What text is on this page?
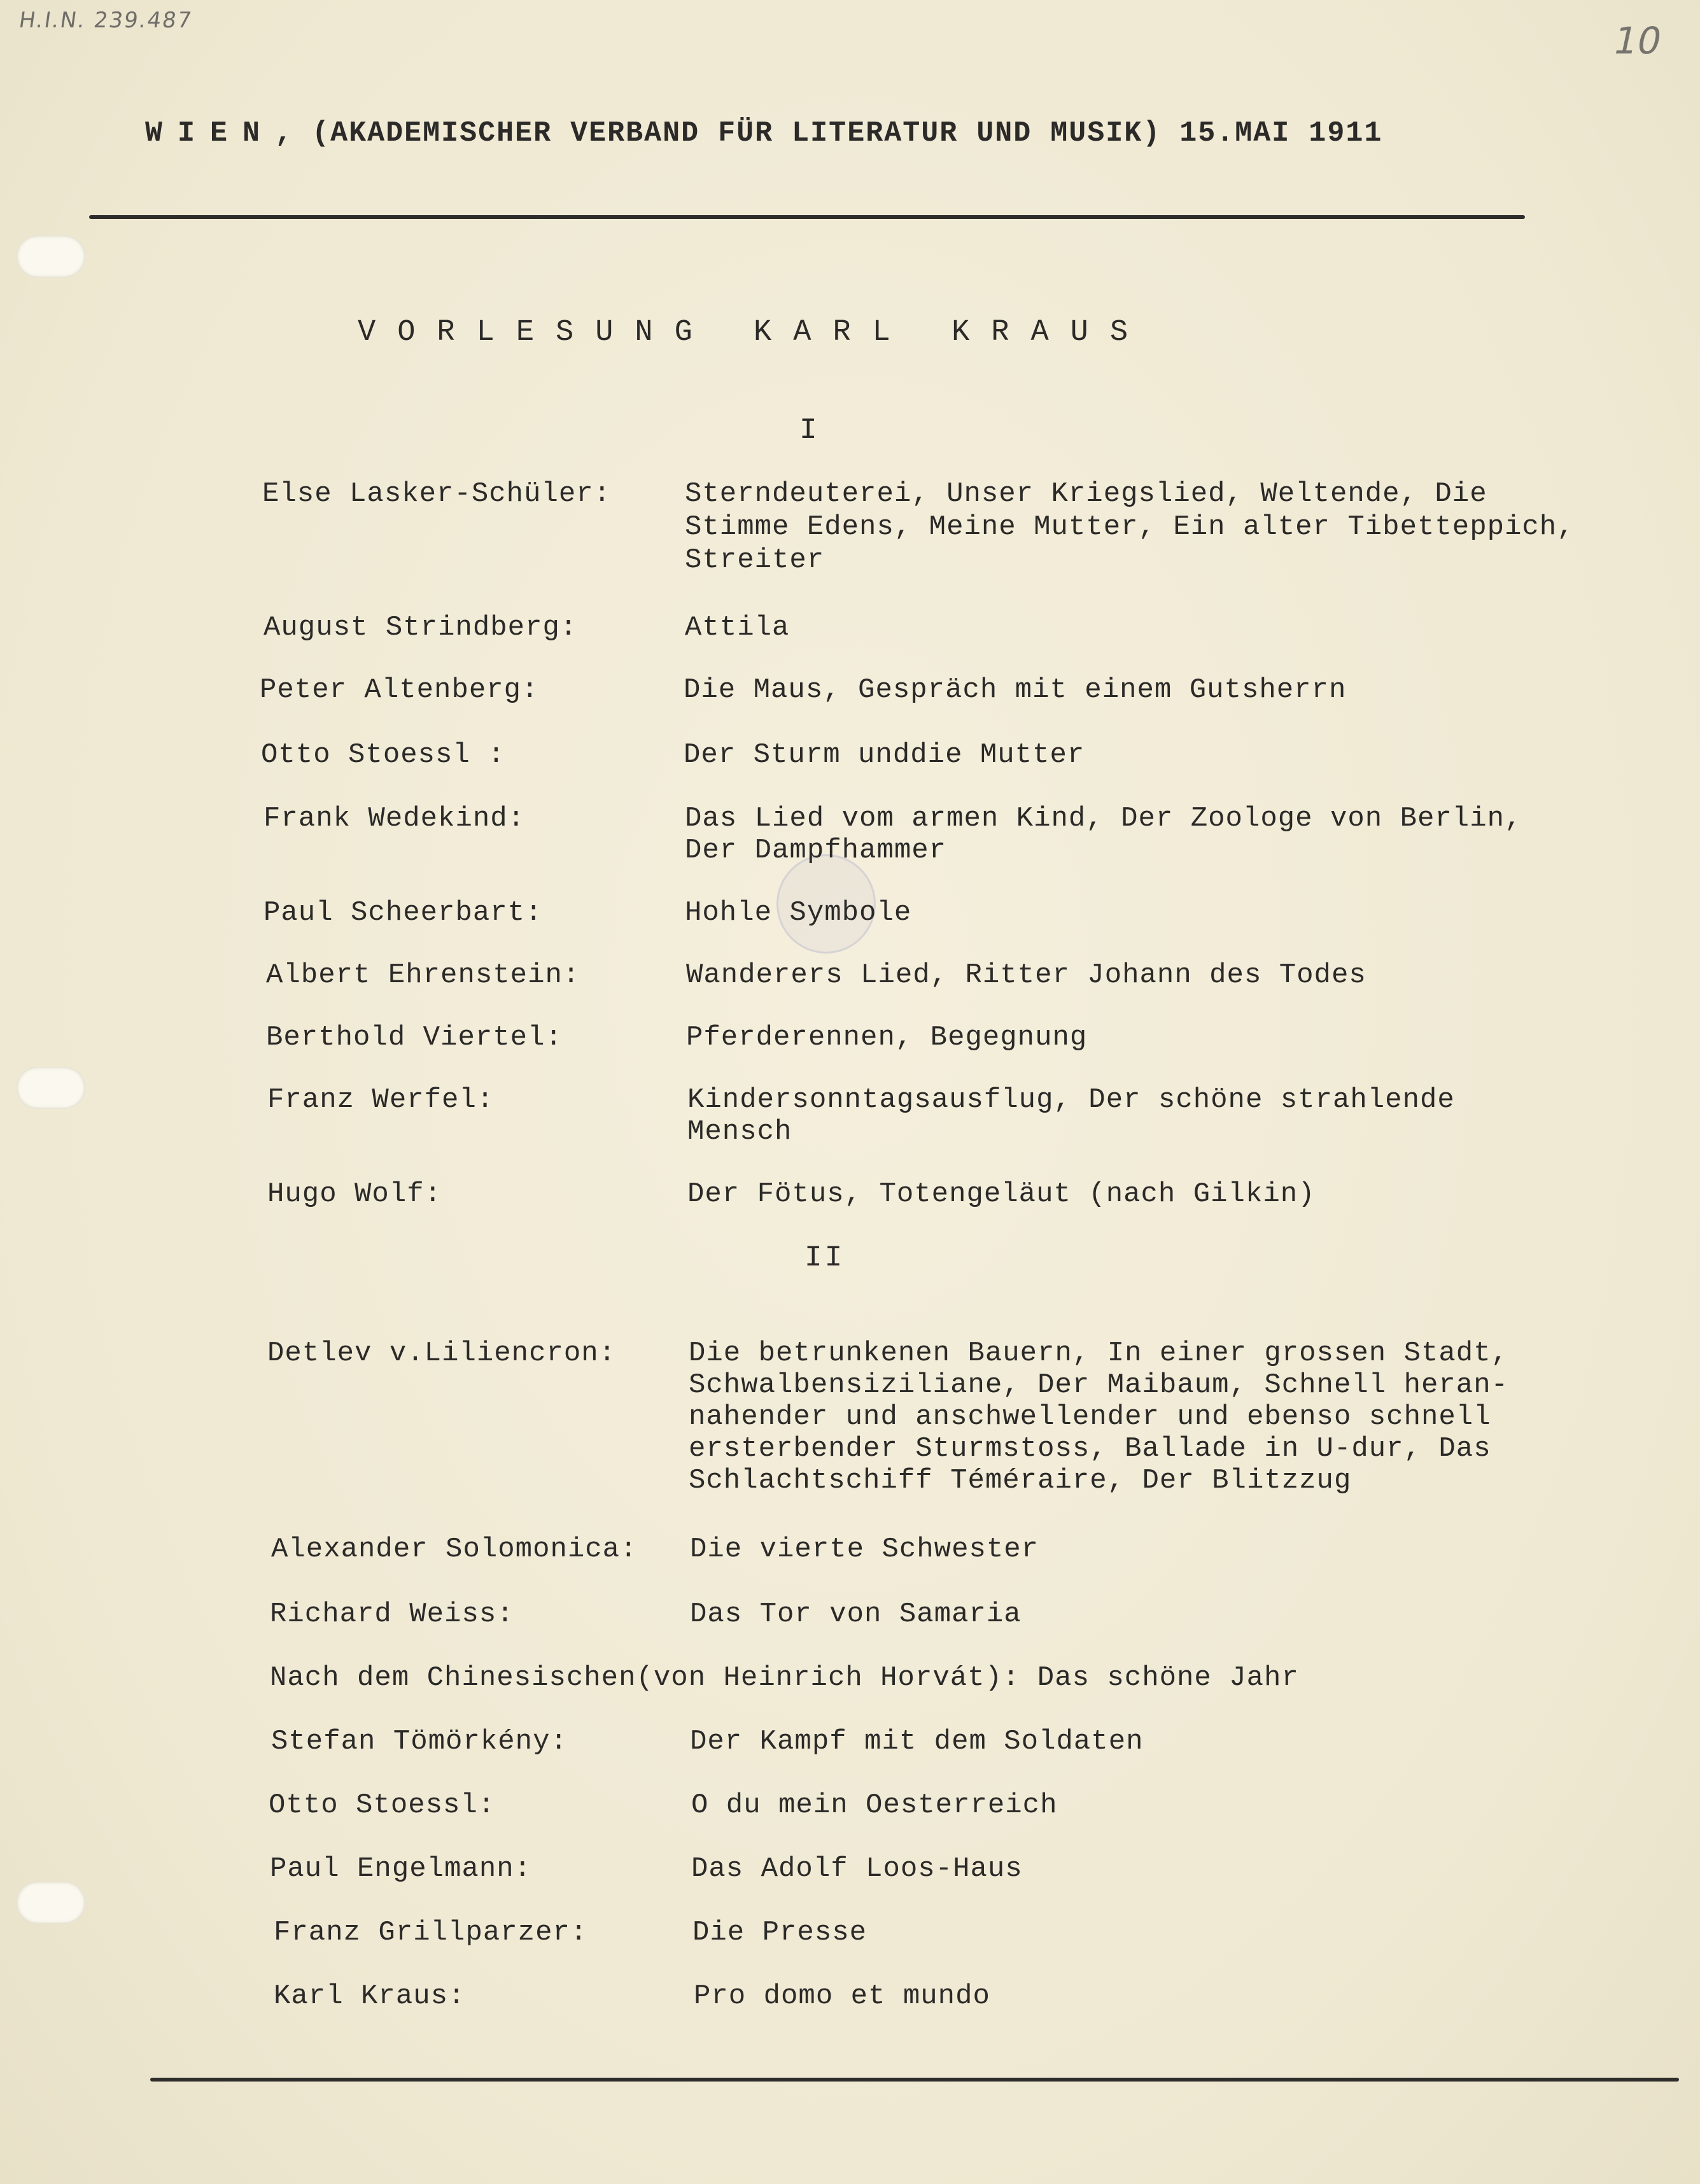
H.I.N. 239.487	10
WIEN, (AKADEMISCHER VERBAND FÜR LITERATUR UND MUSIK) 15.MAI 1911
VORLESUNG KARL KRAUS
I
Else Lasker-Schüler:	Sterndeuterei, Unser Kriegslied, Weltende, Die
Stimme Edens, Meine Mutter, Ein alter Tibetteppich,
Streiter
August Strindberg:	Attila
Peter Altenberg:	Die Maus, Gespräch mit einem Gutsherrn
Otto Stoessl :	Der Sturm unddie Mutter
Frank Wedekind:	Das Lied vom armen Kind, Der Zoologe von Berlin,
Der Dampfhammer
Paul Scheerbart:	Hohle Symbole
Albert Ehrenstein:	Wanderers Lied, Ritter Johann des Todes
Berthold Viertel:	Pferderennen, Begegnung
Franz Werfel:	Kindersonntagsausflug, Der schöne strahlende
Mensch
Hugo Wolf:	Der Fötus, Totengeläut (nach Gilkin)
II
Detlev v.Liliencron:	Die betrunkenen Bauern, In einer grossen Stadt,
Schwalbensiziliane, Der Maibaum, Schnell heran-
nahender und anschwellender und ebenso schnell
ersterbender Sturmstoss, Ballade in U-dur, Das
Schlachtschiff Téméraire, Der Blitzzug
Alexander Solomonica: Die vierte Schwester
Richard Weiss:	Das Tor von Samaria
Nach dem Chinesischen(von Heinrich Horvát): Das schöne Jahr
Stefan Tömörkény:	Der Kampf mit dem Soldaten
Otto Stoessl:	O du mein Oesterreich
Paul Engelmann:	Das Adolf Loos-Haus
Franz Grillparzer:	Die Presse
Karl Kraus:	Pro domo et mundo
